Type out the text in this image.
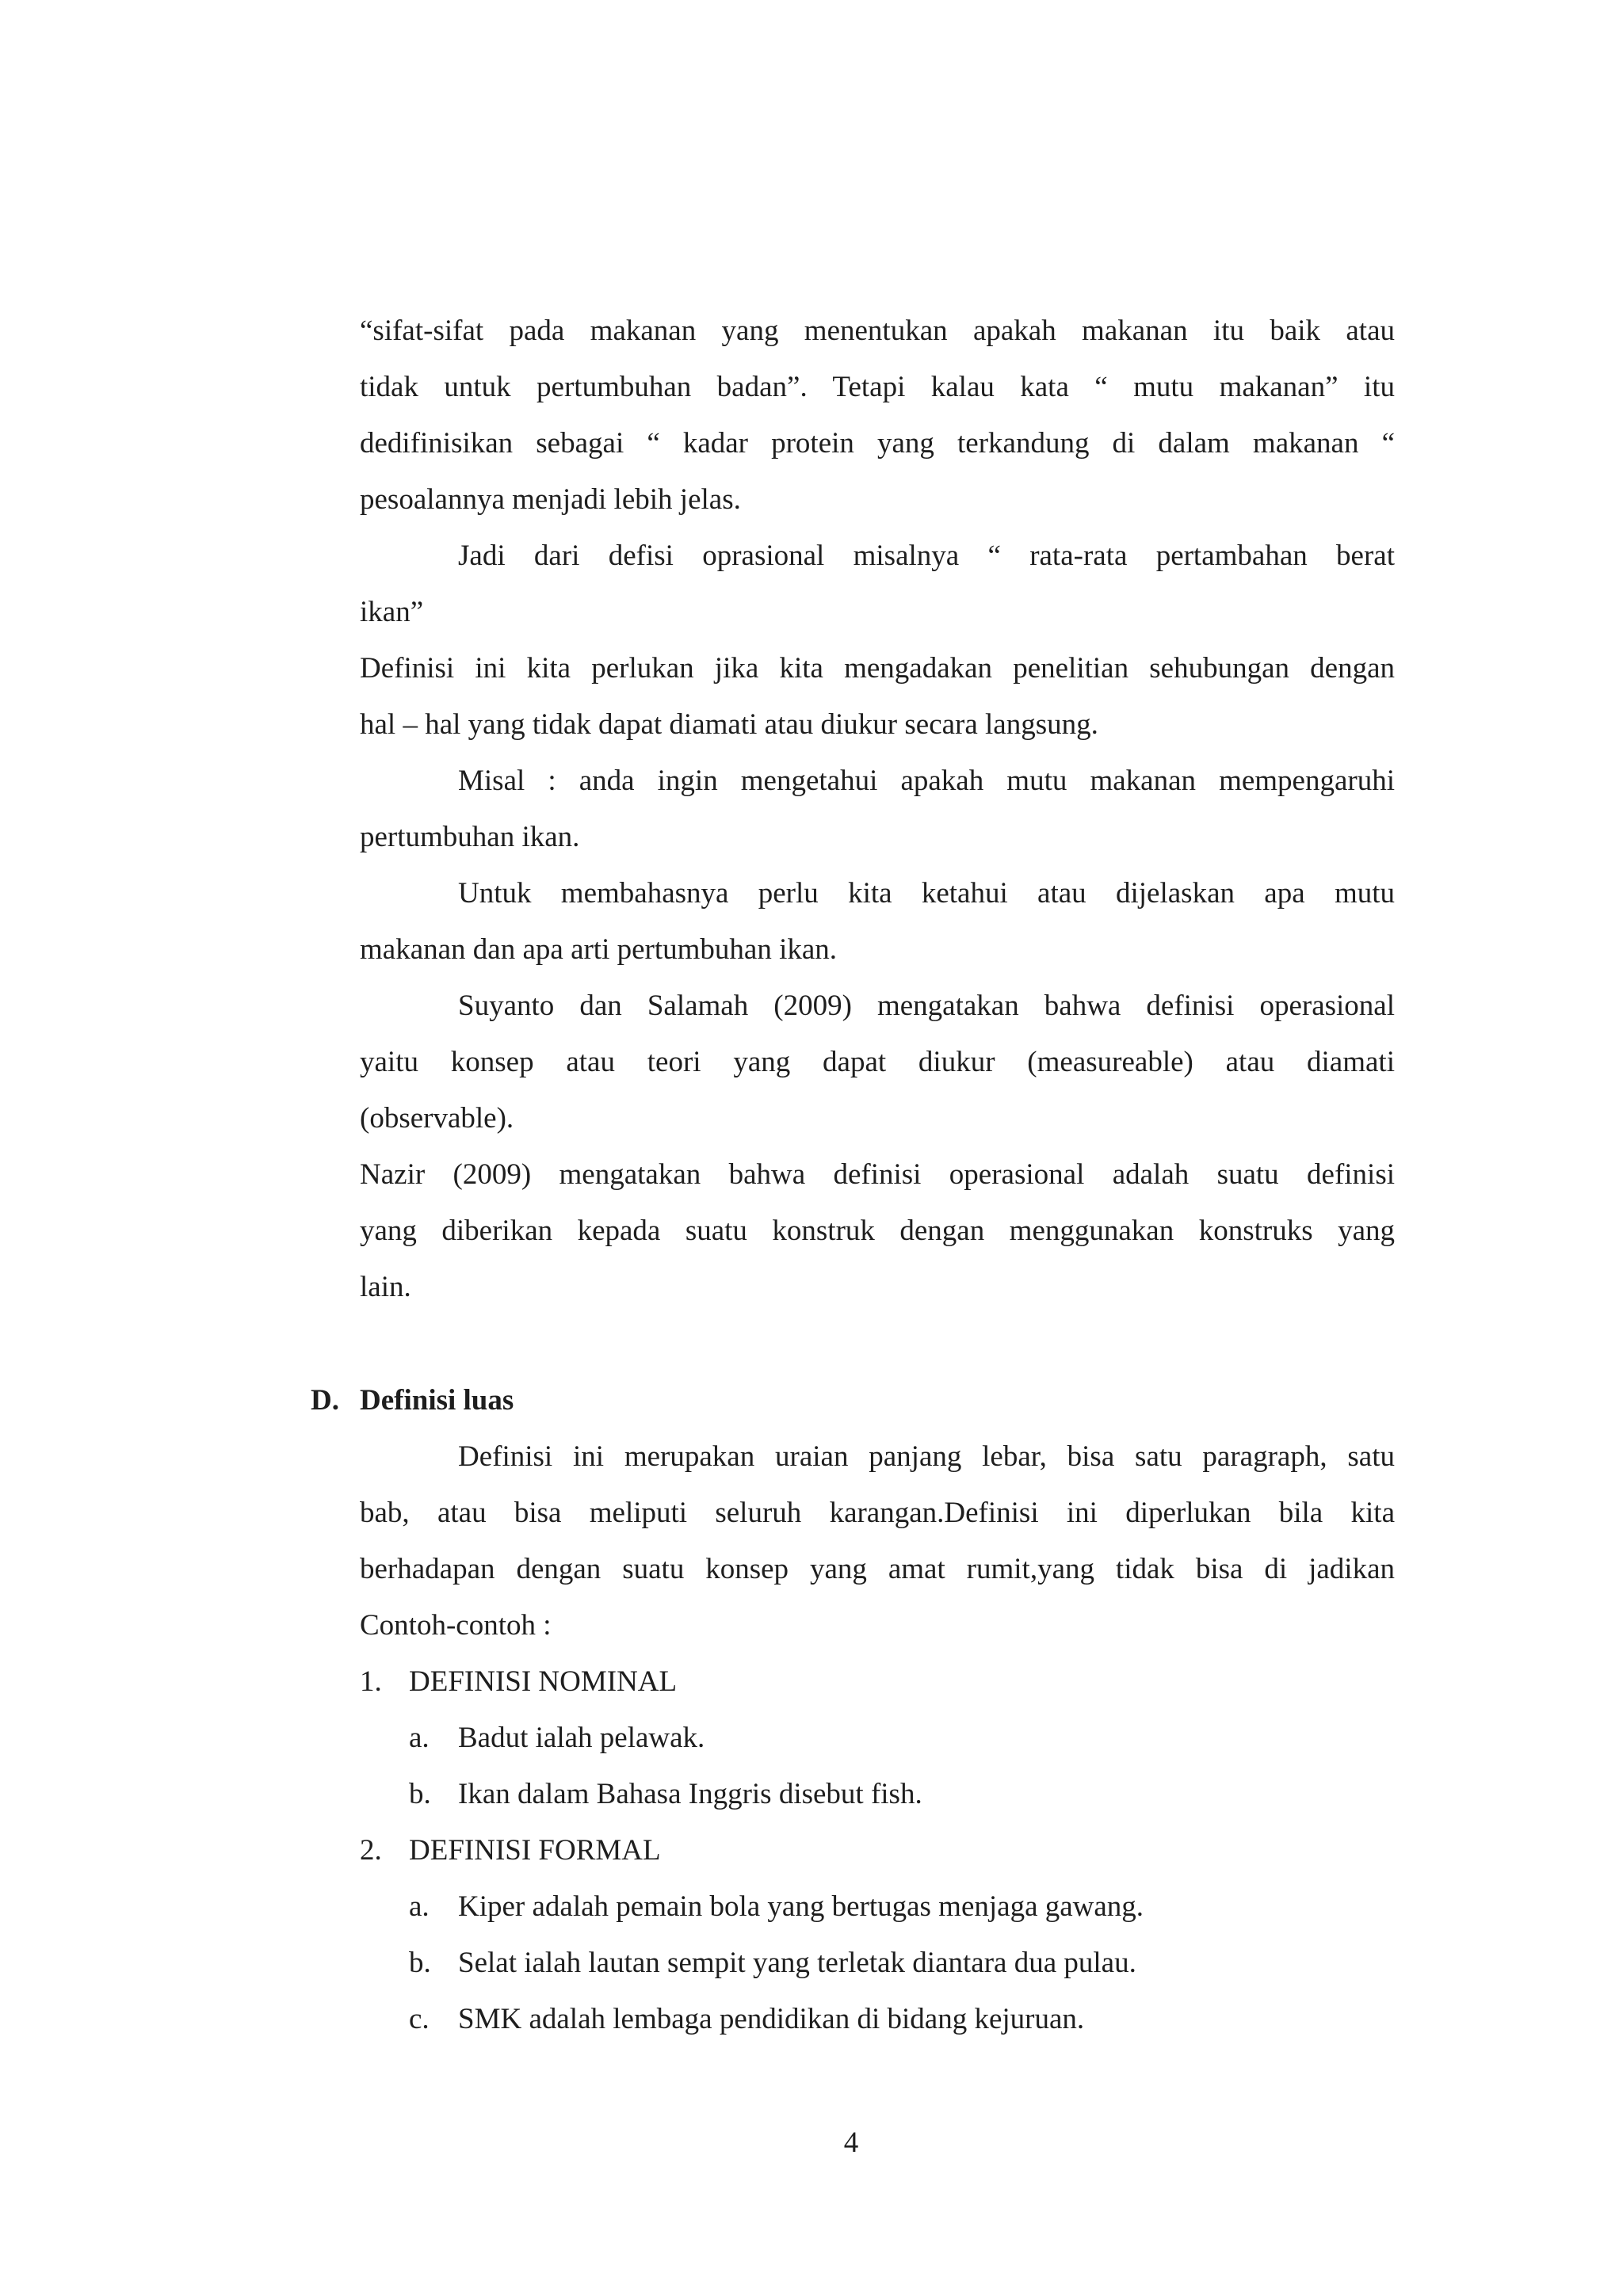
“sifat-sifat pada makanan yang menentukan apakah makanan itu baik atau
tidak untuk pertumbuhan badan”. Tetapi kalau kata “ mutu makanan” itu
dedifinisikan sebagai “ kadar protein yang terkandung di dalam makanan “
pesoalannya menjadi lebih jelas.
Jadi dari defisi oprasional misalnya “ rata-rata pertambahan berat
ikan”
Definisi ini kita perlukan jika kita mengadakan penelitian sehubungan dengan
hal – hal yang tidak dapat diamati atau diukur secara langsung.
Misal : anda ingin mengetahui apakah mutu makanan mempengaruhi
pertumbuhan ikan.
Untuk membahasnya perlu kita ketahui atau dijelaskan apa mutu
makanan dan apa arti pertumbuhan ikan.
Suyanto dan Salamah (2009) mengatakan bahwa definisi operasional
yaitu konsep atau teori yang dapat diukur (measureable) atau diamati
(observable).
Nazir (2009) mengatakan bahwa definisi operasional adalah suatu definisi
yang diberikan kepada suatu konstruk dengan menggunakan konstruks yang
lain.
D. Definisi luas
Definisi ini merupakan uraian panjang lebar, bisa satu paragraph, satu
bab, atau bisa meliputi seluruh karangan.Definisi ini diperlukan bila kita
berhadapan dengan suatu konsep yang amat rumit,yang tidak bisa di jadikan
Contoh-contoh :
1. DEFINISI NOMINAL
a. Badut ialah pelawak.
b. Ikan dalam Bahasa Inggris disebut fish.
2. DEFINISI FORMAL
a. Kiper adalah pemain bola yang bertugas menjaga gawang.
b. Selat ialah lautan sempit yang terletak diantara dua pulau.
c. SMK adalah lembaga pendidikan di bidang kejuruan.
4
